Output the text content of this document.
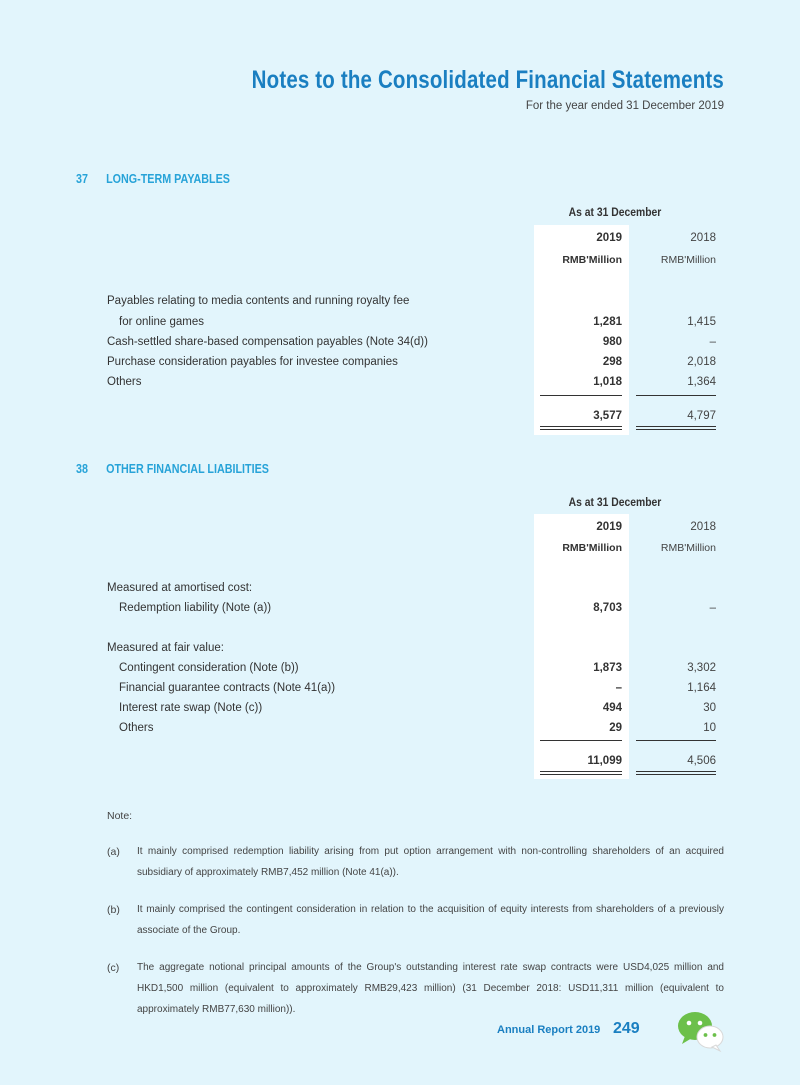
Notes to the Consolidated Financial Statements
For the year ended 31 December 2019
37 LONG-TERM PAYABLES
As at 31 December
2019	2018
RMB'Million	RMB'Million
Payables relating to media contents and running royalty fee
for online games	1,281	1,415
Cash-settled share-based compensation payables (Note 34(d))	980	–
Purchase consideration payables for investee companies	298	2,018
Others	1,018	1,364
3,577	4,797
38 OTHER FINANCIAL LIABILITIES
As at 31 December
2019	2018
RMB'Million	RMB'Million
Measured at amortised cost:
Redemption liability (Note (a))	8,703	–
Measured at fair value:
Contingent consideration (Note (b))	1,873	3,302
Financial guarantee contracts (Note 41(a))	–	1,164
Interest rate swap (Note (c))	494	30
Others	29	10
11,099	4,506
Note:
(a) It mainly comprised redemption liability arising from put option arrangement with non-controlling shareholders of an acquired subsidiary of approximately RMB7,452 million (Note 41(a)).
(b) It mainly comprised the contingent consideration in relation to the acquisition of equity interests from shareholders of a previously associate of the Group.
(c) The aggregate notional principal amounts of the Group's outstanding interest rate swap contracts were USD4,025 million and HKD1,500 million (equivalent to approximately RMB29,423 million) (31 December 2018: USD11,311 million (equivalent to approximately RMB77,630 million)).
Annual Report 2019 249
